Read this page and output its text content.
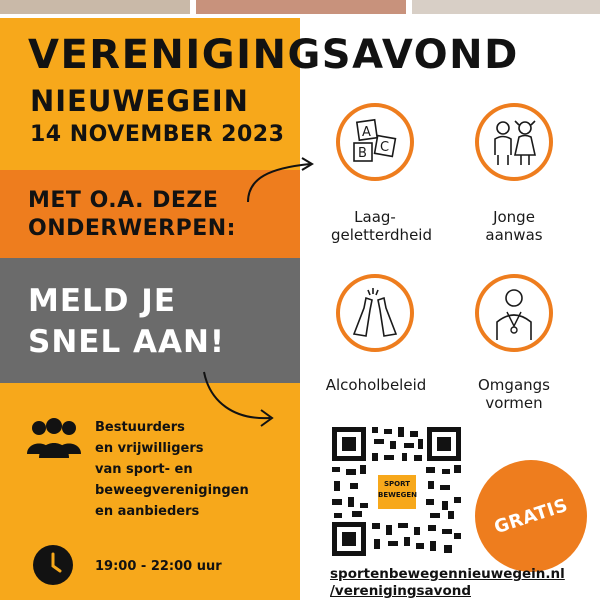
VERENIGINGSAVOND
NIEUWEGEIN
14 NOVEMBER 2023
MET O.A. DEZE
ONDERWERPEN:
MELD JE
SNEL AAN!
Bestuurders
en vrijwilligers
van sport- en
beweegverenigingen
en aanbieders
19:00 - 22:00 uur
A
B C
Laag-
geletterdheid
Jonge
aanwas
Alcoholbeleid	Omgangs
vormen
SPORT
BEWEGEN	GRATIS
sportenbewegennieuwegein.nl
/verenigingsavond
